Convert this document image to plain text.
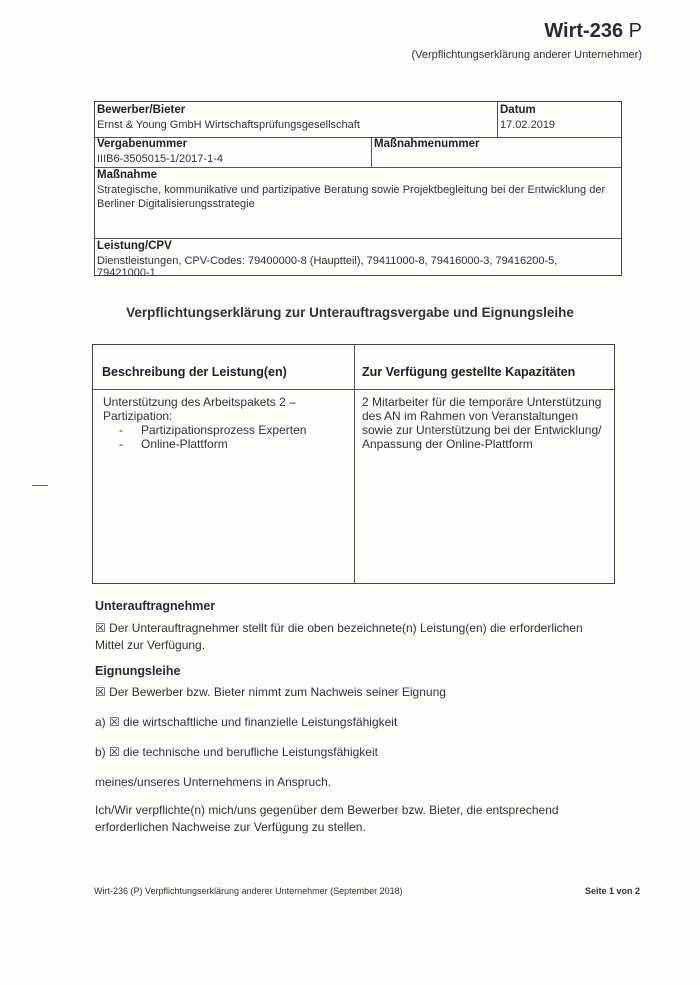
Wirt-236 P
(Verpflichtungserklärung anderer Unternehmer)
Bewerber/Bieter
Ernst & Young GmbH Wirtschaftsprüfungsgesellschaft
Datum
17.02.2019
Vergabenummer
IIIB6-3505015-1/2017-1-4
Maßnahmenummer
Maßnahme
Strategische, kommunikative und partizipative Beratung sowie Projektbegleitung bei der Entwicklung der
Berliner Digitalisierungsstrategie
Leistung/CPV
Dienstleistungen, CPV-Codes: 79400000-8 (Hauptteil), 79411000-8, 79416000-3, 79416200-5,
79421000-1
Verpflichtungserklärung zur Unterauftragsvergabe und Eignungsleihe
Beschreibung der Leistung(en)	Zur Verfügung gestellte Kapazitäten
Unterstützung des Arbeitspakets 2 –
Partizipation:
- Partizipationsprozess Experten
- Online-Plattform
2 Mitarbeiter für die temporäre Unterstützung
des AN im Rahmen von Veranstaltungen
sowie zur Unterstützung bei der Entwicklung/
Anpassung der Online-Plattform
Unterauftragnehmer
☒ Der Unterauftragnehmer stellt für die oben bezeichnete(n) Leistung(en) die erforderlichen
Mittel zur Verfügung.
Eignungsleihe
☒ Der Bewerber bzw. Bieter nimmt zum Nachweis seiner Eignung
a) ☒ die wirtschaftliche und finanzielle Leistungsfähigkeit
b) ☒ die technische und berufliche Leistungsfähigkeit
meines/unseres Unternehmens in Anspruch.
Ich/Wir verpflichte(n) mich/uns gegenüber dem Bewerber bzw. Bieter, die entsprechend
erforderlichen Nachweise zur Verfügung zu stellen.
Wirt-236 (P) Verpflichtungserklärung anderer Unternehmer (September 2018)	Seite 1 von 2
